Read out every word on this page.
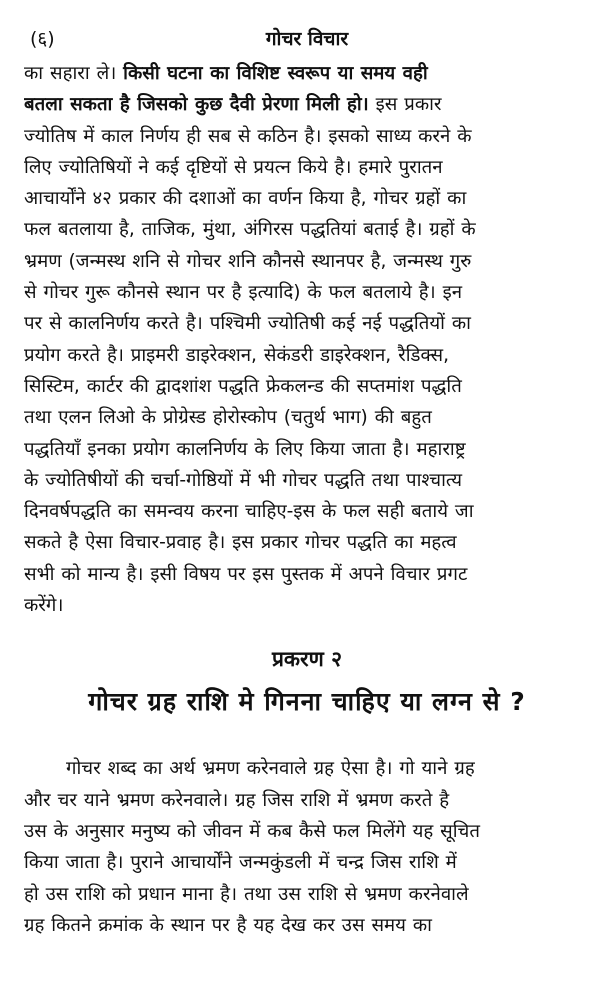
(६)	गोचर विचार
का सहारा ले। किसी घटना का विशिष्ट स्वरूप या समय वही
बतला सकता है जिसको कुछ दैवी प्रेरणा मिली हो। इस प्रकार
ज्योतिष में काल निर्णय ही सब से कठिन है। इसको साध्य करने के
लिए ज्योतिषियों ने कई दृष्टियों से प्रयत्न किये है। हमारे पुरातन
आचार्योंने ४२ प्रकार की दशाओं का वर्णन किया है, गोचर ग्रहों का
फल बतलाया है, ताजिक, मुंथा, अंगिरस पद्धतियां बताई है। ग्रहों के
भ्रमण (जन्मस्थ शनि से गोचर शनि कौनसे स्थानपर है, जन्मस्थ गुरु
से गोचर गुरू कौनसे स्थान पर है इत्यादि) के फल बतलाये है। इन
पर से कालनिर्णय करते है। पश्चिमी ज्योतिषी कई नई पद्धतियों का
प्रयोग करते है। प्राइमरी डाइरेक्शन, सेकंडरी डाइरेक्शन, रैडिक्स,
सिस्टिम, कार्टर की द्वादशांश पद्धति फ्रेकलन्ड की सप्तमांश पद्धति
तथा एलन लिओ के प्रोग्रेस्ड होरोस्कोप (चतुर्थ भाग) की बहुत
पद्धतियाँ इनका प्रयोग कालनिर्णय के लिए किया जाता है। महाराष्ट्र
के ज्योतिषीयों की चर्चा-गोष्ठियों में भी गोचर पद्धति तथा पाश्चात्य
दिनवर्षपद्धति का समन्वय करना चाहिए-इस के फल सही बताये जा
सकते है ऐसा विचार-प्रवाह है। इस प्रकार गोचर पद्धति का महत्व
सभी को मान्य है। इसी विषय पर इस पुस्तक में अपने विचार प्रगट
करेंगे।
प्रकरण २
गोचर ग्रह राशि मे गिनना चाहिए या लग्न से ?
गोचर शब्द का अर्थ भ्रमण करेनवाले ग्रह ऐसा है। गो याने ग्रह
और चर याने भ्रमण करेनवाले। ग्रह जिस राशि में भ्रमण करते है
उस के अनुसार मनुष्य को जीवन में कब कैसे फल मिलेंगे यह सूचित
किया जाता है। पुराने आचार्योंने जन्मकुंडली में चन्द्र जिस राशि में
हो उस राशि को प्रधान माना है। तथा उस राशि से भ्रमण करनेवाले
ग्रह कितने क्रमांक के स्थान पर है यह देख कर उस समय का
